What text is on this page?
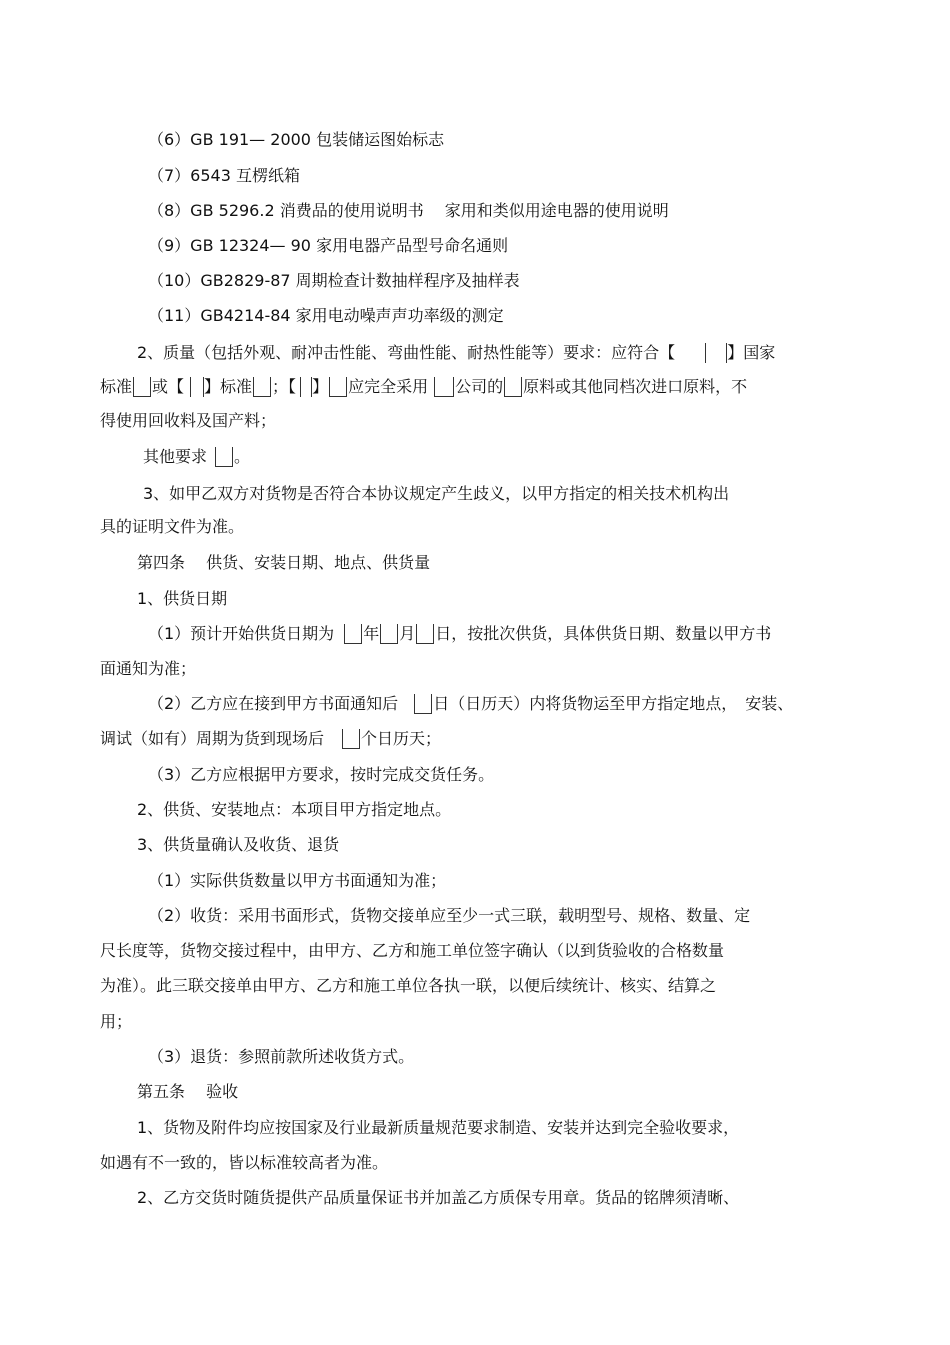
（6）GB 191— 2000 包装储运图始标志
（7）6543 互楞纸箱
（8）GB 5296.2 消费品的使用说明书　 家用和类似用途电器的使用说明
（9）GB 12324— 90 家用电器产品型号命名通则
（10）GB2829-87 周期检查计数抽样程序及抽样表
（11）GB4214-84 家用电动噪声声功率级的测定
2、质量（包括外观、耐冲击性能、弯曲性能、耐热性能等）要求：应符合【	】国家
标准 或【 】标准 ；【 】 应完全采用 公司的 原料或其他同档次进口原料，不
得使用回收料及国产料；
其他要求 。
3、如甲乙双方对货物是否符合本协议规定产生歧义，以甲方指定的相关技术机构出
具的证明文件为准。
第四条　 供货、安装日期、地点、供货量
1、供货日期
（1）预计开始供货日期为 年 月 日，按批次供货，具体供货日期、数量以甲方书
面通知为准；
（2）乙方应在接到甲方书面通知后 日（日历天）内将货物运至甲方指定地点，　安装、
调试（如有）周期为货到现场后 个日历天；
（3）乙方应根据甲方要求，按时完成交货任务。
2、供货、安装地点：本项目甲方指定地点。
3、供货量确认及收货、退货
（1）实际供货数量以甲方书面通知为准；
（2）收货：采用书面形式，货物交接单应至少一式三联，载明型号、规格、数量、定
尺长度等，货物交接过程中，由甲方、乙方和施工单位签字确认（以到货验收的合格数量
为准）。此三联交接单由甲方、乙方和施工单位各执一联，以便后续统计、核实、结算之
用；
（3）退货：参照前款所述收货方式。
第五条　 验收
1、货物及附件均应按国家及行业最新质量规范要求制造、安装并达到完全验收要求，
如遇有不一致的，皆以标准较高者为准。
2、乙方交货时随货提供产品质量保证书并加盖乙方质保专用章。货品的铭牌须清晰、
